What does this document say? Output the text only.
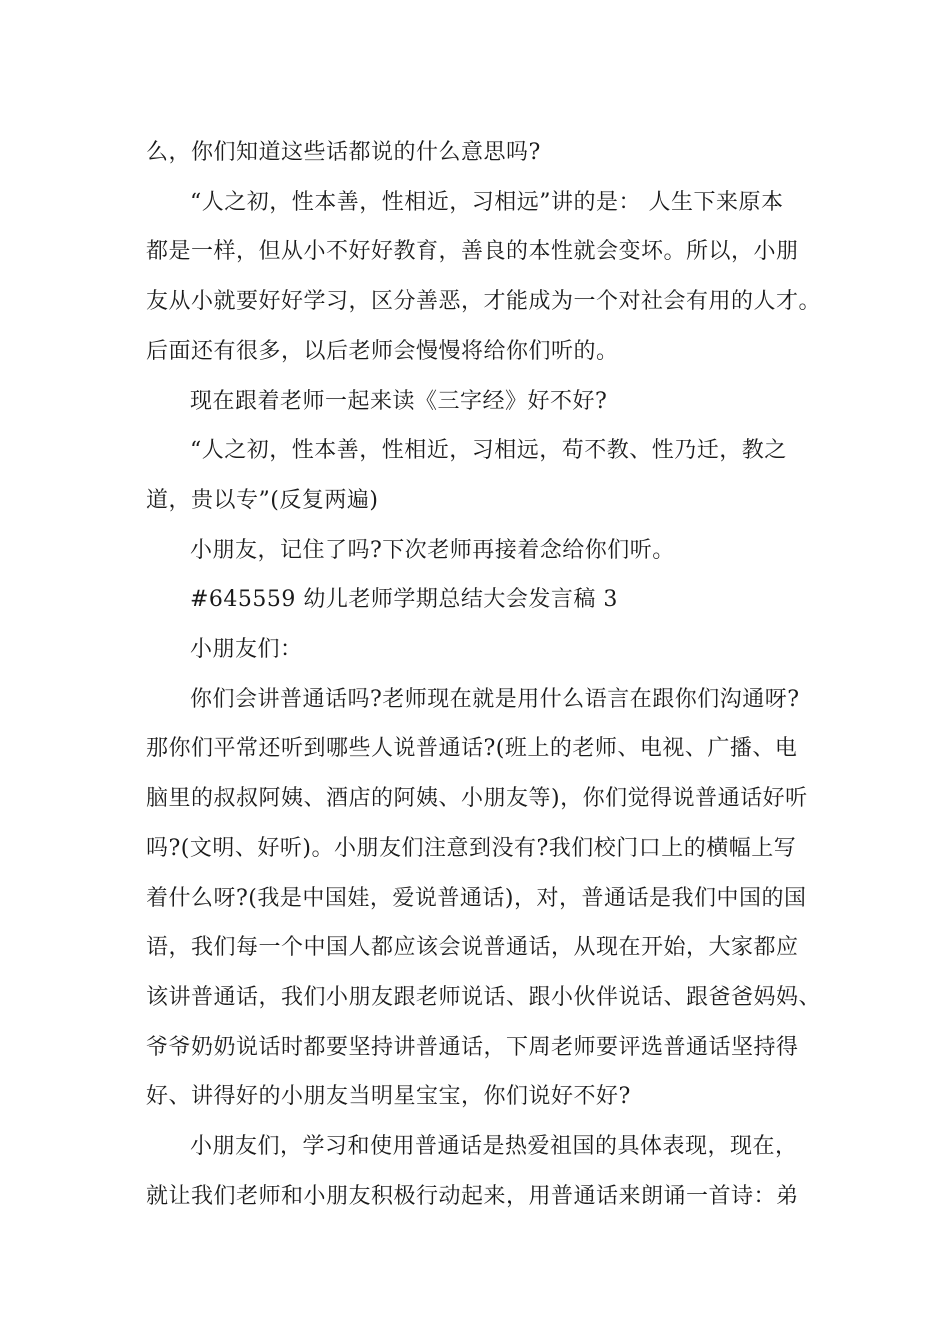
么，你们知道这些话都说的什么意思吗?

“人之初，性本善，性相近，习相远”讲的是： 人生下来原本
都是一样，但从小不好好教育，善良的本性就会变坏。所以，小朋
友从小就要好好学习，区分善恶，才能成为一个对社会有用的人才。
后面还有很多，以后老师会慢慢将给你们听的。

现在跟着老师一起来读《三字经》好不好?

“人之初，性本善，性相近，习相远，苟不教、性乃迁，教之
道，贵以专”(反复两遍)

小朋友，记住了吗?下次老师再接着念给你们听。

#645559 幼儿老师学期总结大会发言稿 3

小朋友们：

你们会讲普通话吗?老师现在就是用什么语言在跟你们沟通呀?
那你们平常还听到哪些人说普通话?(班上的老师、电视、广播、电
脑里的叔叔阿姨、酒店的阿姨、小朋友等)，你们觉得说普通话好听
吗?(文明、好听)。小朋友们注意到没有?我们校门口上的横幅上写
着什么呀?(我是中国娃，爱说普通话)，对，普通话是我们中国的国
语，我们每一个中国人都应该会说普通话，从现在开始，大家都应
该讲普通话，我们小朋友跟老师说话、跟小伙伴说话、跟爸爸妈妈、
爷爷奶奶说话时都要坚持讲普通话，下周老师要评选普通话坚持得
好、讲得好的小朋友当明星宝宝，你们说好不好?

小朋友们，学习和使用普通话是热爱祖国的具体表现，现在，
就让我们老师和小朋友积极行动起来，用普通话来朗诵一首诗：弟
